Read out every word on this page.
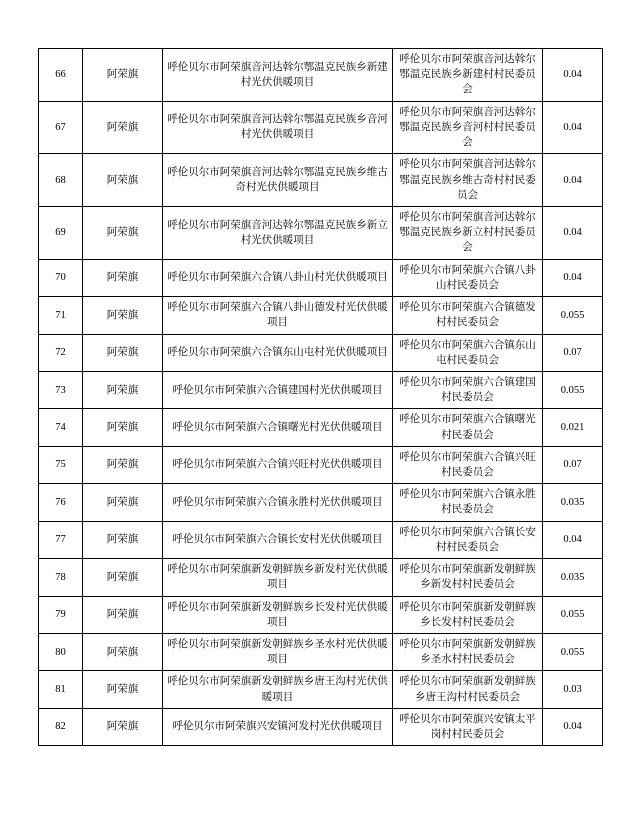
66	阿荣旗	呼伦贝尔市阿荣旗音河达斡尔鄂温克民族乡新建村光伏供暖项目	呼伦贝尔市阿荣旗音河达斡尔鄂温克民族乡新建村村民委员会	0.04
67	阿荣旗	呼伦贝尔市阿荣旗音河达斡尔鄂温克民族乡音河村光伏供暖项目	呼伦贝尔市阿荣旗音河达斡尔鄂温克民族乡音河村村民委员会	0.04
68	阿荣旗	呼伦贝尔市阿荣旗音河达斡尔鄂温克民族乡维古奇村光伏供暖项目	呼伦贝尔市阿荣旗音河达斡尔鄂温克民族乡维古奇村村民委员会	0.04
69	阿荣旗	呼伦贝尔市阿荣旗音河达斡尔鄂温克民族乡新立村光伏供暖项目	呼伦贝尔市阿荣旗音河达斡尔鄂温克民族乡新立村村民委员会	0.04
70	阿荣旗	呼伦贝尔市阿荣旗六合镇八卦山村光伏供暖项目	呼伦贝尔市阿荣旗六合镇八卦山村民委员会	0.04
71	阿荣旗	呼伦贝尔市阿荣旗六合镇八卦山德发村光伏供暖项目	呼伦贝尔市阿荣旗六合镇德发村村民委员会	0.055
72	阿荣旗	呼伦贝尔市阿荣旗六合镇东山屯村光伏供暖项目	呼伦贝尔市阿荣旗六合镇东山屯村民委员会	0.07
73	阿荣旗	呼伦贝尔市阿荣旗六合镇建国村光伏供暖项目	呼伦贝尔市阿荣旗六合镇建国村民委员会	0.055
74	阿荣旗	呼伦贝尔市阿荣旗六合镇曙光村光伏供暖项目	呼伦贝尔市阿荣旗六合镇曙光村民委员会	0.021
75	阿荣旗	呼伦贝尔市阿荣旗六合镇兴旺村光伏供暖项目	呼伦贝尔市阿荣旗六合镇兴旺村民委员会	0.07
76	阿荣旗	呼伦贝尔市阿荣旗六合镇永胜村光伏供暖项目	呼伦贝尔市阿荣旗六合镇永胜村民委员会	0.035
77	阿荣旗	呼伦贝尔市阿荣旗六合镇长安村光伏供暖项目	呼伦贝尔市阿荣旗六合镇长安村村民委员会	0.04
78	阿荣旗	呼伦贝尔市阿荣旗新发朝鲜族乡新发村光伏供暖项目	呼伦贝尔市阿荣旗新发朝鲜族乡新发村村民委员会	0.035
79	阿荣旗	呼伦贝尔市阿荣旗新发朝鲜族乡长发村光伏供暖项目	呼伦贝尔市阿荣旗新发朝鲜族乡长发村村民委员会	0.055
80	阿荣旗	呼伦贝尔市阿荣旗新发朝鲜族乡圣水村光伏供暖项目	呼伦贝尔市阿荣旗新发朝鲜族乡圣水村村民委员会	0.055
81	阿荣旗	呼伦贝尔市阿荣旗新发朝鲜族乡唐王沟村光伏供暖项目	呼伦贝尔市阿荣旗新发朝鲜族乡唐王沟村村民委员会	0.03
82	阿荣旗	呼伦贝尔市阿荣旗兴安镇河发村光伏供暖项目	呼伦贝尔市阿荣旗兴安镇太平岗村村民委员会	0.04
